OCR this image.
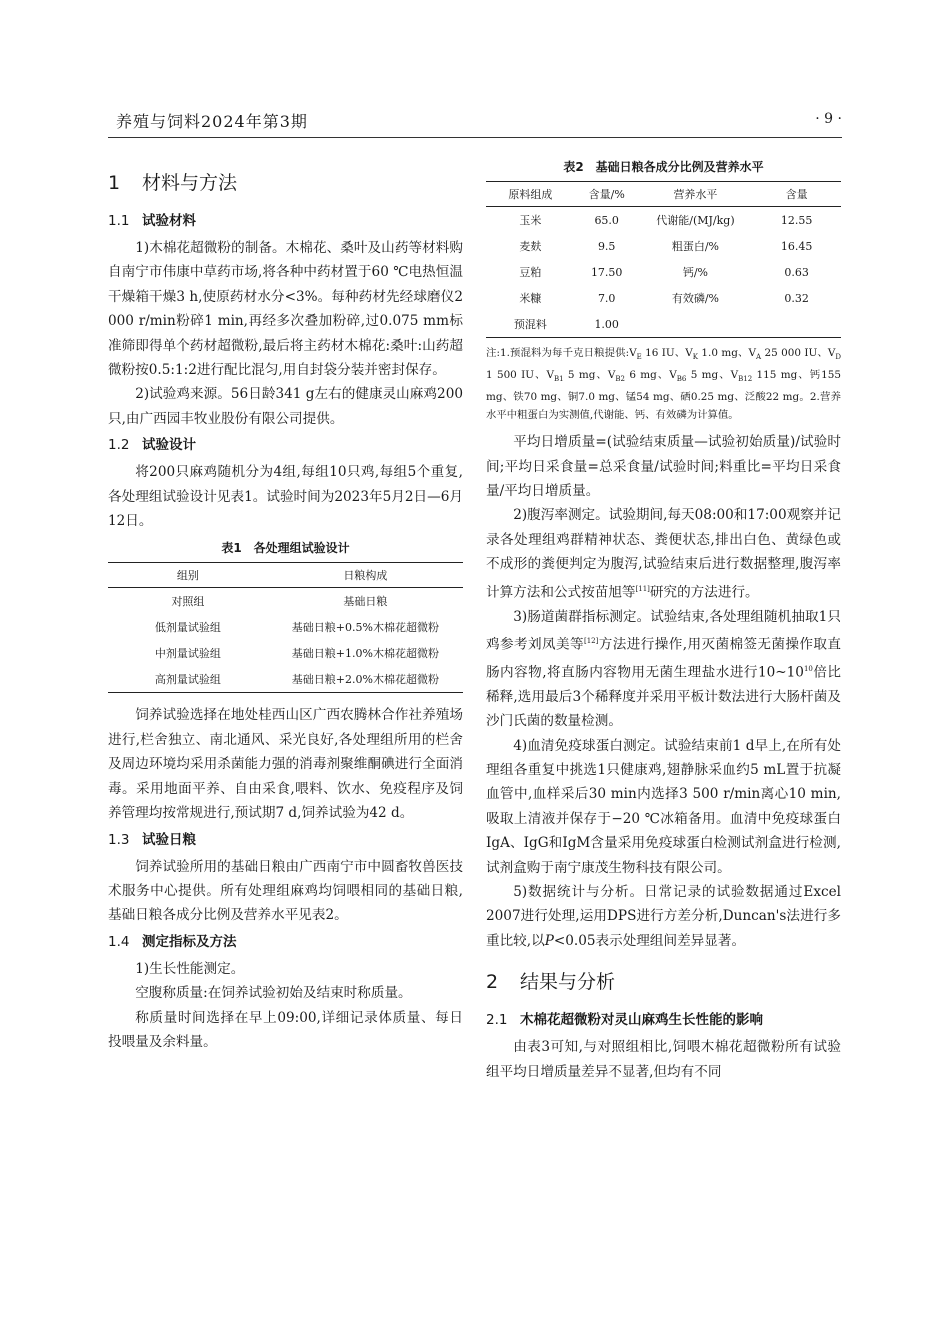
养殖与饲料2024年第3期	· 9 ·
1 材料与方法
1.1 试验材料

1)木棉花超微粉的制备。木棉花、桑叶及山药等材料购自南宁市伟康中草药市场,将各种中药材置于60 ℃电热恒温干燥箱干燥3 h,使原药材水分<3%。每种药材先经球磨仪2 000 r/min粉碎1 min,再经多次叠加粉碎,过0.075 mm标准筛即得单个药材超微粉,最后将主药材木棉花:桑叶:山药超微粉按0.5:1:2进行配比混匀,用自封袋分装并密封保存。

2)试验鸡来源。56日龄341 g左右的健康灵山麻鸡200只,由广西园丰牧业股份有限公司提供。

1.2 试验设计

将200只麻鸡随机分为4组,每组10只鸡,每组5个重复,各处理组试验设计见表1。试验时间为2023年5月2日—6月12日。

表1　各处理组试验设计
组别	日粮构成
对照组	基础日粮
低剂量试验组	基础日粮+0.5%木棉花超微粉
中剂量试验组	基础日粮+1.0%木棉花超微粉
高剂量试验组	基础日粮+2.0%木棉花超微粉

饲养试验选择在地处桂西山区广西农腾林合作社养殖场进行,栏舍独立、南北通风、采光良好,各处理组所用的栏舍及周边环境均采用杀菌能力强的消毒剂聚维酮碘进行全面消毒。采用地面平养、自由采食,喂料、饮水、免疫程序及饲养管理均按常规进行,预试期7 d,饲养试验为42 d。

1.3 试验日粮

饲养试验所用的基础日粮由广西南宁市中圆畜牧兽医技术服务中心提供。所有处理组麻鸡均饲喂相同的基础日粮,基础日粮各成分比例及营养水平见表2。

1.4 测定指标及方法

1)生长性能测定。

空腹称质量:在饲养试验初始及结束时称质量。

称质量时间选择在早上09:00,详细记录体质量、每日投喂量及余料量。

表2　基础日粮各成分比例及营养水平
原料组成	含量/%	营养水平	含量
玉米	65.0	代谢能/(MJ/kg)	12.55
麦麸	9.5	粗蛋白/%	16.45
豆粕	17.50	钙/%	0.63
米糠	7.0	有效磷/%	0.32
预混料	1.00		
注:1.预混料为每千克日粮提供$:V_E$ 16 IU、$V_K$ 1.0 mg、$V_A$ 25 000 IU、$V_D$ 1 500 IU、$V_{B1}$ 5 mg、$V_{B2}$ 6 mg、$V_{B6}$ 5 mg、$V_{B12}$ 115 mg、钙155 mg、铁70 mg、铜7.0 mg、锰54 mg、硒0.25 mg、泛酸22 mg。2.营养水平中粗蛋白为实测值,代谢能、钙、有效磷为计算值。

平均日增质量=(试验结束质量—试验初始质量)/试验时间;平均日采食量=总采食量/试验时间;料重比=平均日采食量/平均日增质量。

2)腹泻率测定。试验期间,每天08:00和17:00观察并记录各处理组鸡群精神状态、粪便状态,排出白色、黄绿色或不成形的粪便判定为腹泻,试验结束后进行数据整理,腹泻率计算方法和公式按苗旭等[11]研究的方法进行。

3)肠道菌群指标测定。试验结束,各处理组随机抽取1只鸡参考刘凤美等[12]方法进行操作,用灭菌棉签无菌操作取直肠内容物,将直肠内容物用无菌生理盐水进行$10\sim 10^{10}$倍比稀释,选用最后3个稀释度并采用平板计数法进行大肠杆菌及沙门氏菌的数量检测。

4)血清免疫球蛋白测定。试验结束前1 d早上,在所有处理组各重复中挑选1只健康鸡,翅静脉采血约5 mL置于抗凝血管中,血样采后30 min内选择3 500 r/min离心10 min,吸取上清液并保存于−20 ℃冰箱备用。血清中免疫球蛋白IgA、IgG和IgM含量采用免疫球蛋白检测试剂盒进行检测,试剂盒购于南宁康茂生物科技有限公司。

5)数据统计与分析。日常记录的试验数据通过Excel 2007进行处理,运用DPS进行方差分析,Duncan's法进行多重比较,以P<0.05表示处理组间差异显著。

2 结果与分析
2.1 木棉花超微粉对灵山麻鸡生长性能的影响

由表3可知,与对照组相比,饲喂木棉花超微粉所有试验组平均日增质量差异不显著,但均有不同
